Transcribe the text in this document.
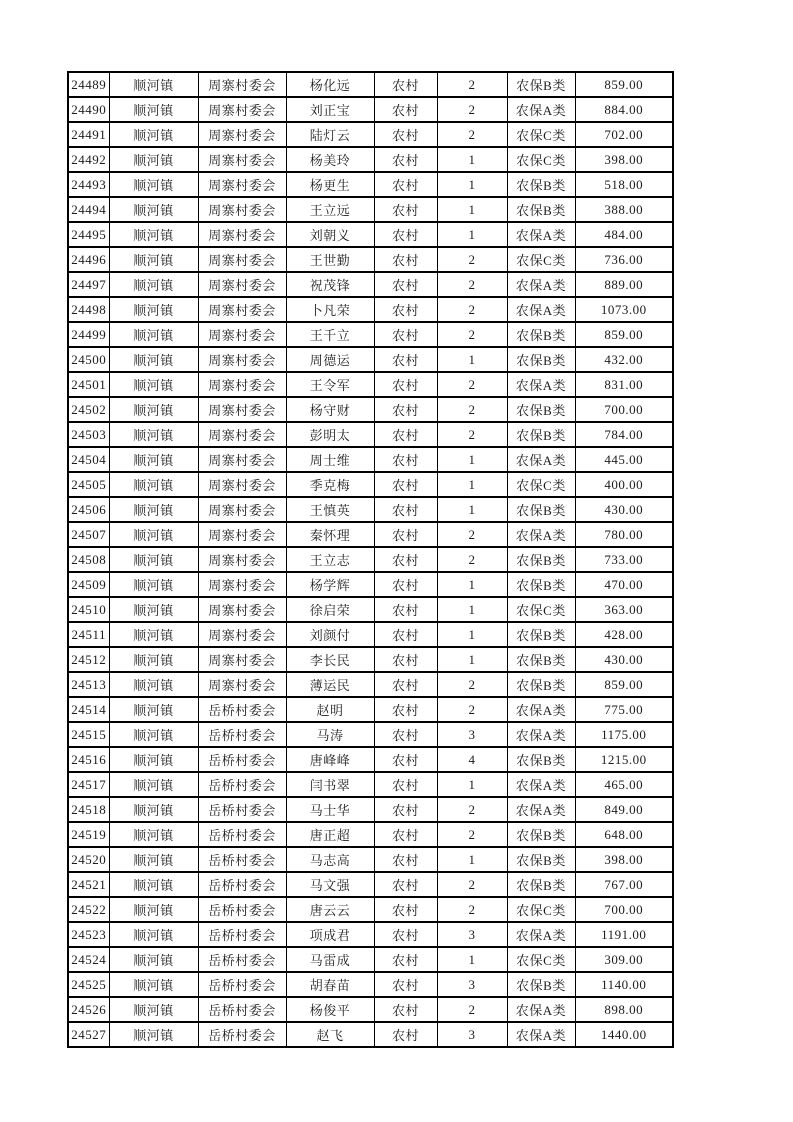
24489	顺河镇	周寨村委会	杨化远	农村	2	农保B类	859.00
24490	顺河镇	周寨村委会	刘正宝	农村	2	农保A类	884.00
24491	顺河镇	周寨村委会	陆灯云	农村	2	农保C类	702.00
24492	顺河镇	周寨村委会	杨美玲	农村	1	农保C类	398.00
24493	顺河镇	周寨村委会	杨更生	农村	1	农保B类	518.00
24494	顺河镇	周寨村委会	王立远	农村	1	农保B类	388.00
24495	顺河镇	周寨村委会	刘朝义	农村	1	农保A类	484.00
24496	顺河镇	周寨村委会	王世勤	农村	2	农保C类	736.00
24497	顺河镇	周寨村委会	祝茂锋	农村	2	农保A类	889.00
24498	顺河镇	周寨村委会	卜凡荣	农村	2	农保A类	1073.00
24499	顺河镇	周寨村委会	王千立	农村	2	农保B类	859.00
24500	顺河镇	周寨村委会	周德运	农村	1	农保B类	432.00
24501	顺河镇	周寨村委会	王令军	农村	2	农保A类	831.00
24502	顺河镇	周寨村委会	杨守财	农村	2	农保B类	700.00
24503	顺河镇	周寨村委会	彭明太	农村	2	农保B类	784.00
24504	顺河镇	周寨村委会	周士维	农村	1	农保A类	445.00
24505	顺河镇	周寨村委会	季克梅	农村	1	农保C类	400.00
24506	顺河镇	周寨村委会	王慎英	农村	1	农保B类	430.00
24507	顺河镇	周寨村委会	秦怀理	农村	2	农保A类	780.00
24508	顺河镇	周寨村委会	王立志	农村	2	农保B类	733.00
24509	顺河镇	周寨村委会	杨学辉	农村	1	农保B类	470.00
24510	顺河镇	周寨村委会	徐启荣	农村	1	农保C类	363.00
24511	顺河镇	周寨村委会	刘颜付	农村	1	农保B类	428.00
24512	顺河镇	周寨村委会	李长民	农村	1	农保B类	430.00
24513	顺河镇	周寨村委会	薄运民	农村	2	农保B类	859.00
24514	顺河镇	岳桥村委会	赵明	农村	2	农保A类	775.00
24515	顺河镇	岳桥村委会	马涛	农村	3	农保A类	1175.00
24516	顺河镇	岳桥村委会	唐峰峰	农村	4	农保B类	1215.00
24517	顺河镇	岳桥村委会	闫书翠	农村	1	农保A类	465.00
24518	顺河镇	岳桥村委会	马士华	农村	2	农保A类	849.00
24519	顺河镇	岳桥村委会	唐正超	农村	2	农保B类	648.00
24520	顺河镇	岳桥村委会	马志高	农村	1	农保B类	398.00
24521	顺河镇	岳桥村委会	马文强	农村	2	农保B类	767.00
24522	顺河镇	岳桥村委会	唐云云	农村	2	农保C类	700.00
24523	顺河镇	岳桥村委会	项成君	农村	3	农保A类	1191.00
24524	顺河镇	岳桥村委会	马雷成	农村	1	农保C类	309.00
24525	顺河镇	岳桥村委会	胡春苗	农村	3	农保B类	1140.00
24526	顺河镇	岳桥村委会	杨俊平	农村	2	农保A类	898.00
24527	顺河镇	岳桥村委会	赵飞	农村	3	农保A类	1440.00
